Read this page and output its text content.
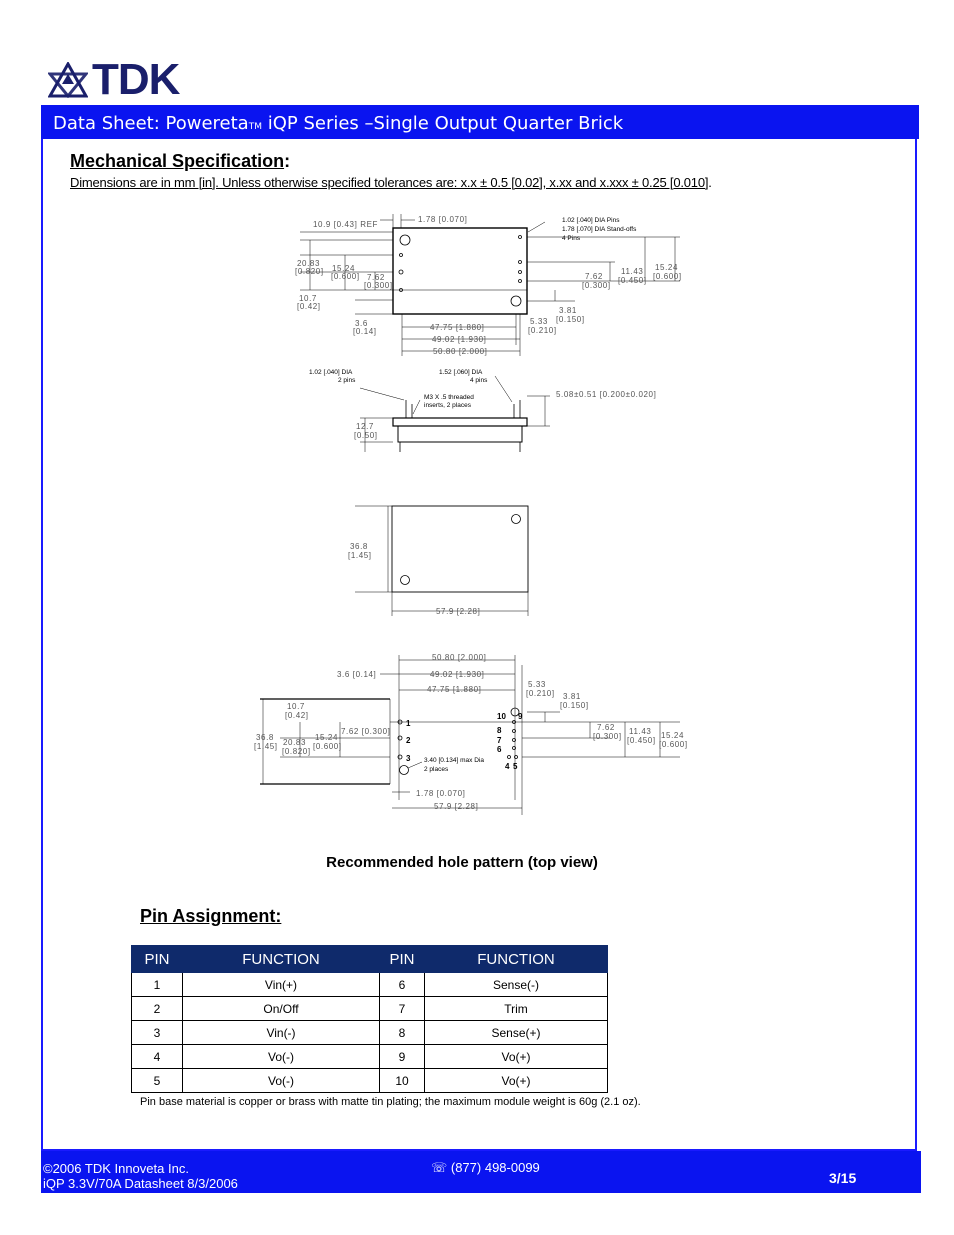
TDK
Data Sheet: PoweretaTM iQP Series –Single Output Quarter Brick
Mechanical Specification:
Dimensions are in mm [in]. Unless otherwise specified tolerances are: x.x ± 0.5 [0.02], x.xx and x.xxx ± 0.25 [0.010].
10.9 [0.43] REF
1.78 [0.070]	1.02 [.040] DIA Pins
1.78 [.070] DIA Stand-offs
4 Pins
20.83
[0.820] 15.24
[0.600] 7.62
[0.300]
10.7
[0.42]
3.6
[0.14]	47.75 [1.880]
49.02 [1.930]
50.80 [2.000]
7.62
[0.300]
11.43
[0.450]
15.24
[0.600]
3.81
[0.150]
5.33
[0.210]
1.02 [.040] DIA
2 pins
1.52 [.060] DIA
4 pins
M3 X .5 threaded
inserts, 2 places
5.08±0.51 [0.200±0.020]
12.7
[0.50]
36.8
[1.45]
57.9 [2.28]
50.80 [2.000]
49.02 [1.930]
47.75 [1.880]
3.6 [0.14]
10.7
[0.42]
36.8
[1.45] 20.83
[0.820]
15.24
[0.600]
7.62 [0.300]
5.33
[0.210] 3.81
[0.150]
7.62
[0.300]
11.43
[0.450]
15.24
[0.600]
3.40 [0.134] max Dia
2 places
1.78 [0.070]
57.9 [2.28]
1
2
3
10 9
8
7
6
4 5
Recommended hole pattern (top view)
Pin Assignment:
PIN	FUNCTION	PIN	FUNCTION
1	Vin(+)	6	Sense(-)
2	On/Off	7	Trim
3	Vin(-)	8	Sense(+)
4	Vo(-)	9	Vo(+)
5	Vo(-)	10	Vo(+)
Pin base material is copper or brass with matte tin plating; the maximum module weight is 60g (2.1 oz).
©2006 TDK Innoveta Inc.
iQP 3.3V/70A Datasheet 8/3/2006
☏ (877) 498-0099
3/15
